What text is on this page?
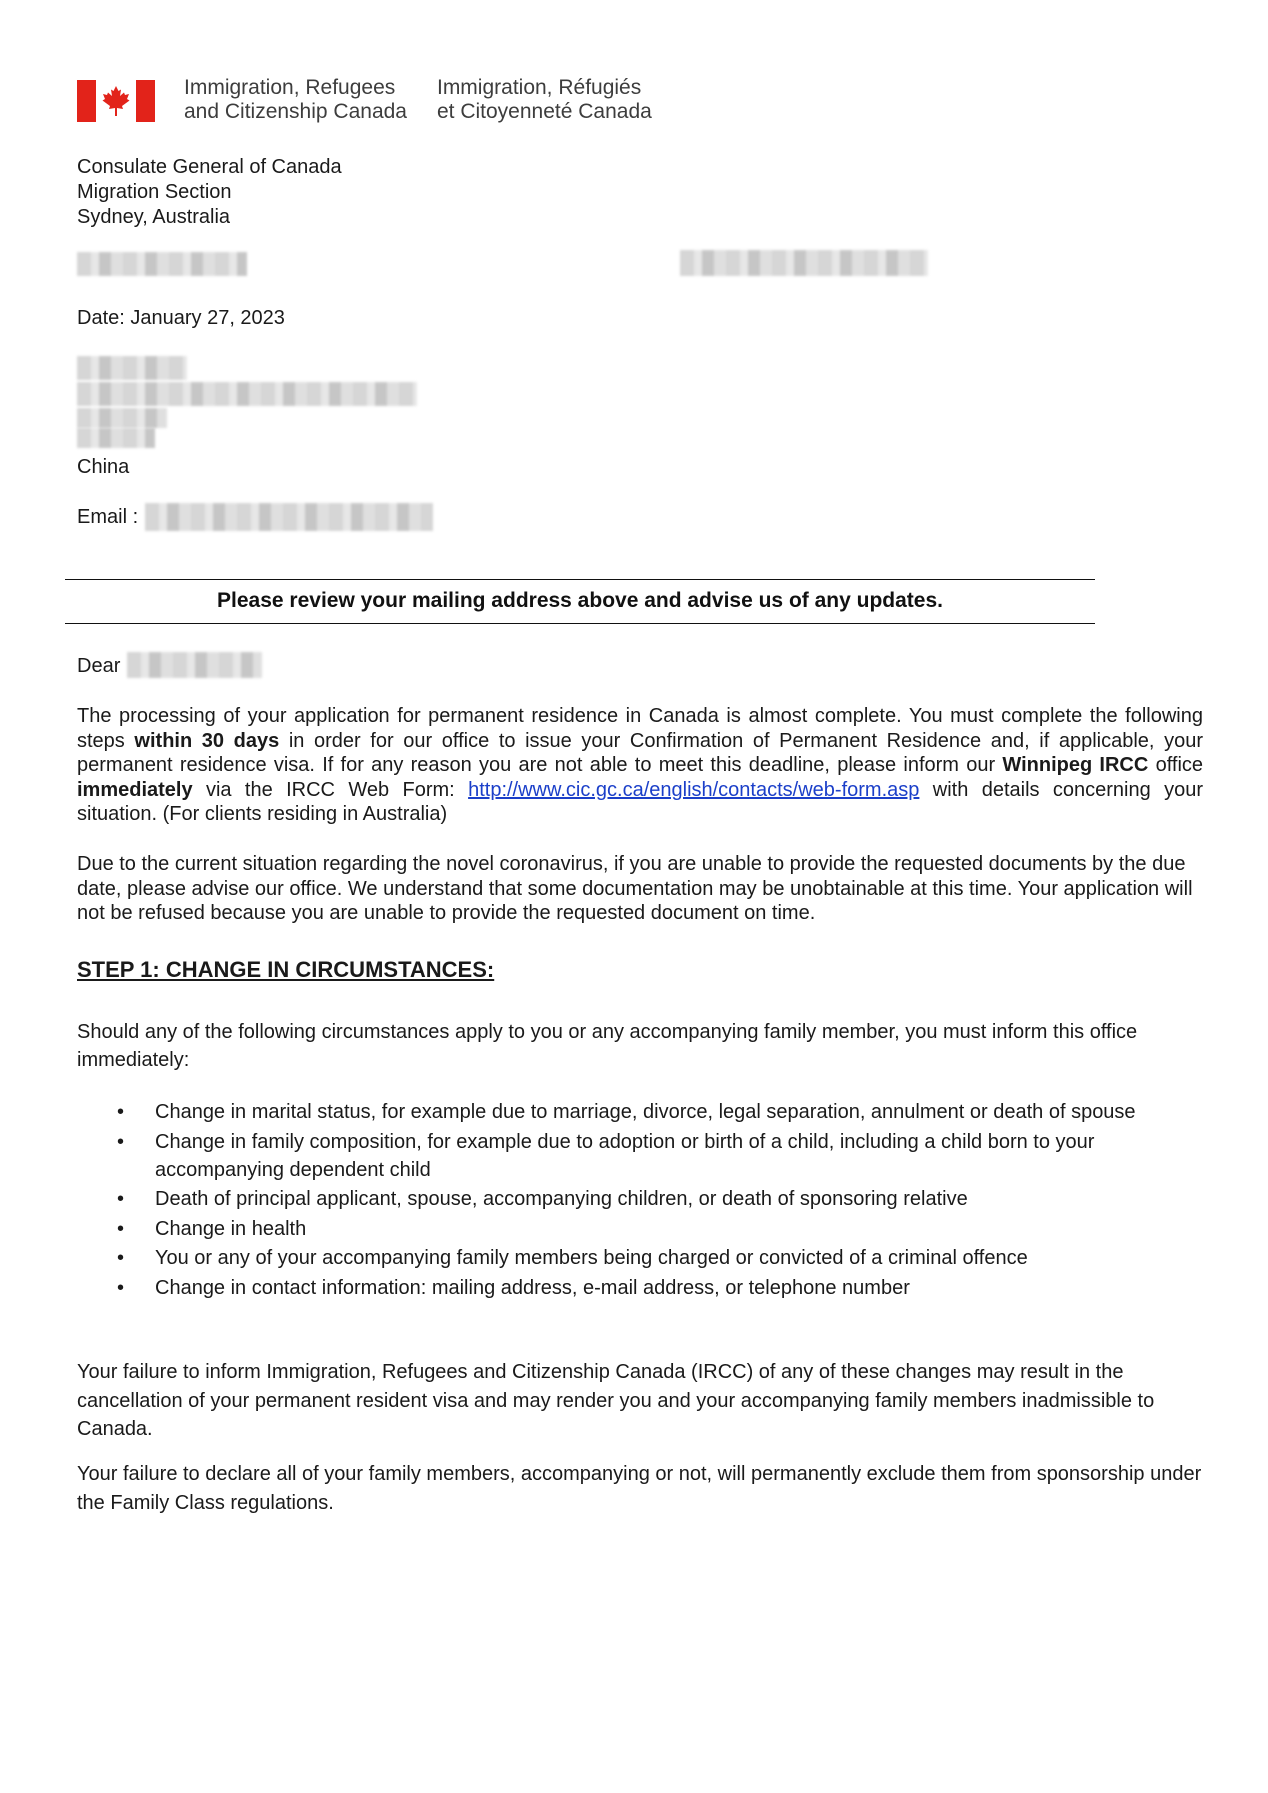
Immigration, Refugees
and Citizenship Canada
Immigration, Réfugiés
et Citoyenneté Canada
Consulate General of Canada
Migration Section
Sydney, Australia
Date: January 27, 2023
China
Email :
Please review your mailing address above and advise us of any updates.
Dear
The processing of your application for permanent residence in Canada is almost complete. You must complete the following steps within 30 days in order for our office to issue your Confirmation of Permanent Residence and, if applicable, your permanent residence visa. If for any reason you are not able to meet this deadline, please inform our Winnipeg IRCC office immediately via the IRCC Web Form: http://www.cic.gc.ca/english/contacts/web-form.asp with details concerning your situation. (For clients residing in Australia)
Due to the current situation regarding the novel coronavirus, if you are unable to provide the requested documents by the due date, please advise our office. We understand that some documentation may be unobtainable at this time. Your application will not be refused because you are unable to provide the requested document on time.
STEP 1: CHANGE IN CIRCUMSTANCES:
Should any of the following circumstances apply to you or any accompanying family member, you must inform this office immediately:
• Change in marital status, for example due to marriage, divorce, legal separation, annulment or death of spouse
• Change in family composition, for example due to adoption or birth of a child, including a child born to your accompanying dependent child
• Death of principal applicant, spouse, accompanying children, or death of sponsoring relative
• Change in health
• You or any of your accompanying family members being charged or convicted of a criminal offence
• Change in contact information: mailing address, e-mail address, or telephone number
Your failure to inform Immigration, Refugees and Citizenship Canada (IRCC) of any of these changes may result in the cancellation of your permanent resident visa and may render you and your accompanying family members inadmissible to Canada.
Your failure to declare all of your family members, accompanying or not, will permanently exclude them from sponsorship under the Family Class regulations.
